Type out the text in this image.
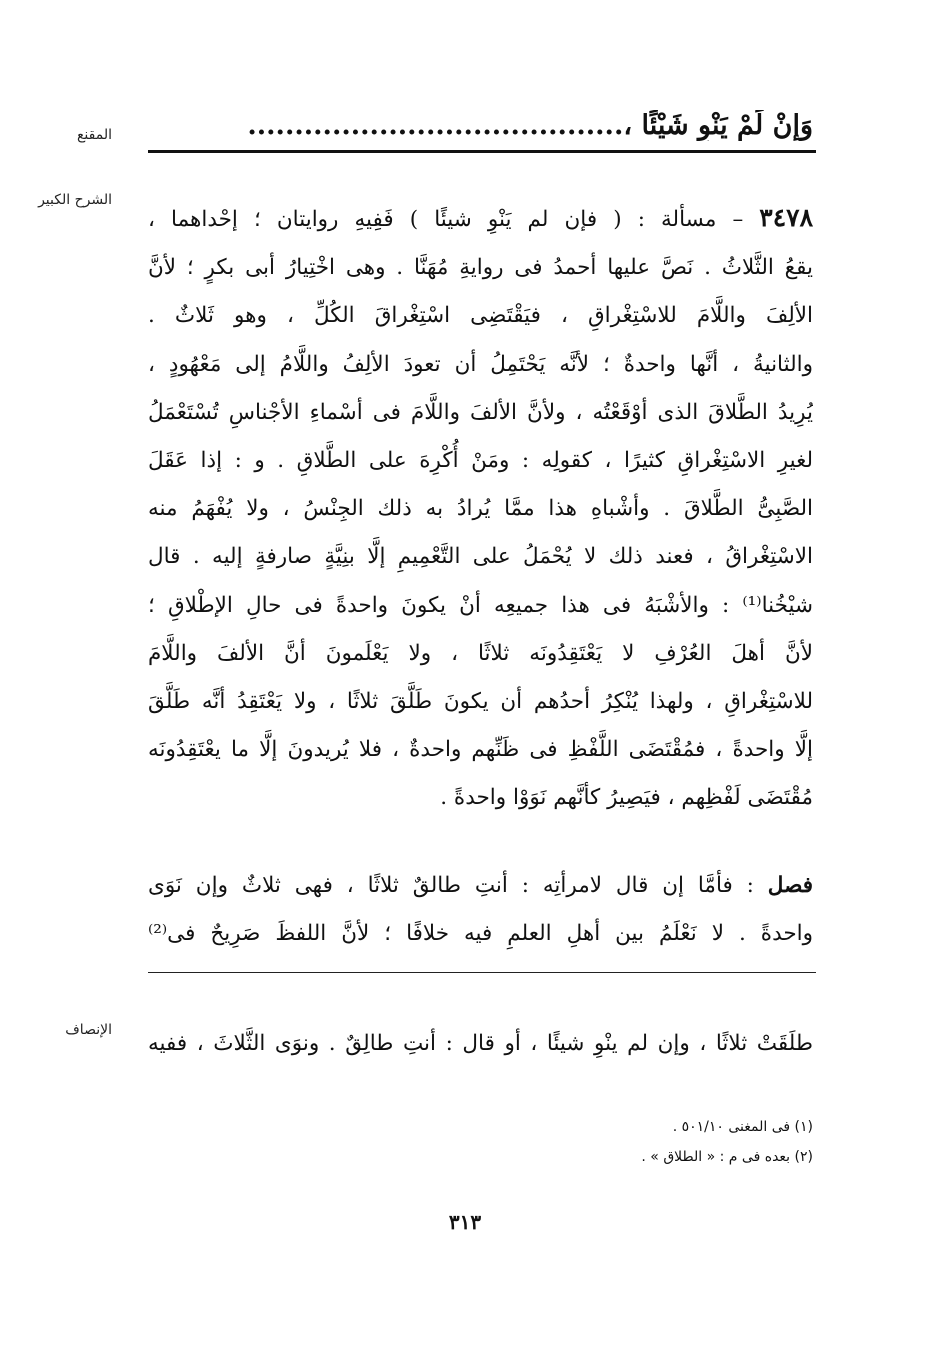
المقنع	وَإِنْ لَمْ يَنْوِ شَيْئًا ،........................................
الشرح الكبير
٣٤٧٨ – مسألة : ( فإن لم يَنْوِ شيئًا ) فَفِيهِ روايتان ؛ إحْداهما ،
يقعُ الثَّلاثُ . نَصَّ عليها أحمدُ فى روايةِ مُهَنَّا . وهى اخْتِيارُ أبى بكرٍ ؛ لأنَّ
الألِفَ واللَّامَ للاسْتِغْراقِ ، فيَقْتَضِى اسْتِغْراقَ الكُلِّ ، وهو ثَلاثٌ .
والثانيةُ ، أنَّها واحدةٌ ؛ لأنَّه يَحْتَمِلُ أن تعودَ الألِفُ واللَّامُ إلى مَعْهُودٍ ،
يُرِيدُ الطَّلاقَ الذى أوْقَعْتُه ، ولأنَّ الألفَ واللَّامَ فى أسْماءِ الأجْناسِ تُسْتَعْمَلُ
لغيرِ الاسْتِغْراقِ كثيرًا ، كقولِه : ومَنْ أُكْرِهَ على الطَّلاقِ . و : إذا عَقَلَ
الصَّبِىُّ الطَّلاقَ . وأشْباهِ هذا ممَّا يُرادُ به ذلك الجِنْسُ ، ولا يُفْهَمُ منه
الاسْتِغْراقُ ، فعند ذلك لا يُحْمَلُ على التَّعْمِيمِ إلَّا بنِيَّةٍ صارفةٍ إليه . قال
شيْخُنا⁽¹⁾ : والأشْبَهُ فى هذا جميعِه أنْ يكونَ واحدةً فى حالِ الإطْلاقِ ؛
لأنَّ أهلَ العُرْفِ لا يَعْتَقِدُونَه ثلاثًا ، ولا يَعْلَمونَ أنَّ الألفَ واللَّامَ
للاسْتِغْراقِ ، ولهذا يُنْكِرُ أحدُهم أن يكونَ طَلَّقَ ثلاثًا ، ولا يَعْتَقِدُ أنَّه طَلَّقَ
إلَّا واحدةً ، فمُقْتَضَى اللَّفْظِ فى ظَنِّهم واحدةٌ ، فلا يُريدونَ إلَّا ما يعْتَقِدُونَه
مُقْتَضَى لَفْظِهم ، فيَصِيرُ كأنَّهم نَوَوْا واحدةً .
فصل : فأمَّا إن قال لامرأتِه : أنتِ طالقٌ ثلاثًا ، فهى ثلاثٌ وإن نَوَى
واحدةً . لا نَعْلَمُ بين أهلِ العلمِ فيه خلافًا ؛ لأنَّ اللفظَ صَرِيحٌ فى⁽²⁾
الإنصاف
طلَقَتْ ثلاثًا ، وإن لم ينْوِ شيئًا ، أو قال : أنتِ طالِقٌ . ونوَى الثَّلاثَ ، ففيه
(١) فى المغنى ٥٠١/١٠ .
(٢) بعده فى م : « الطلاق » .
٣١٣
